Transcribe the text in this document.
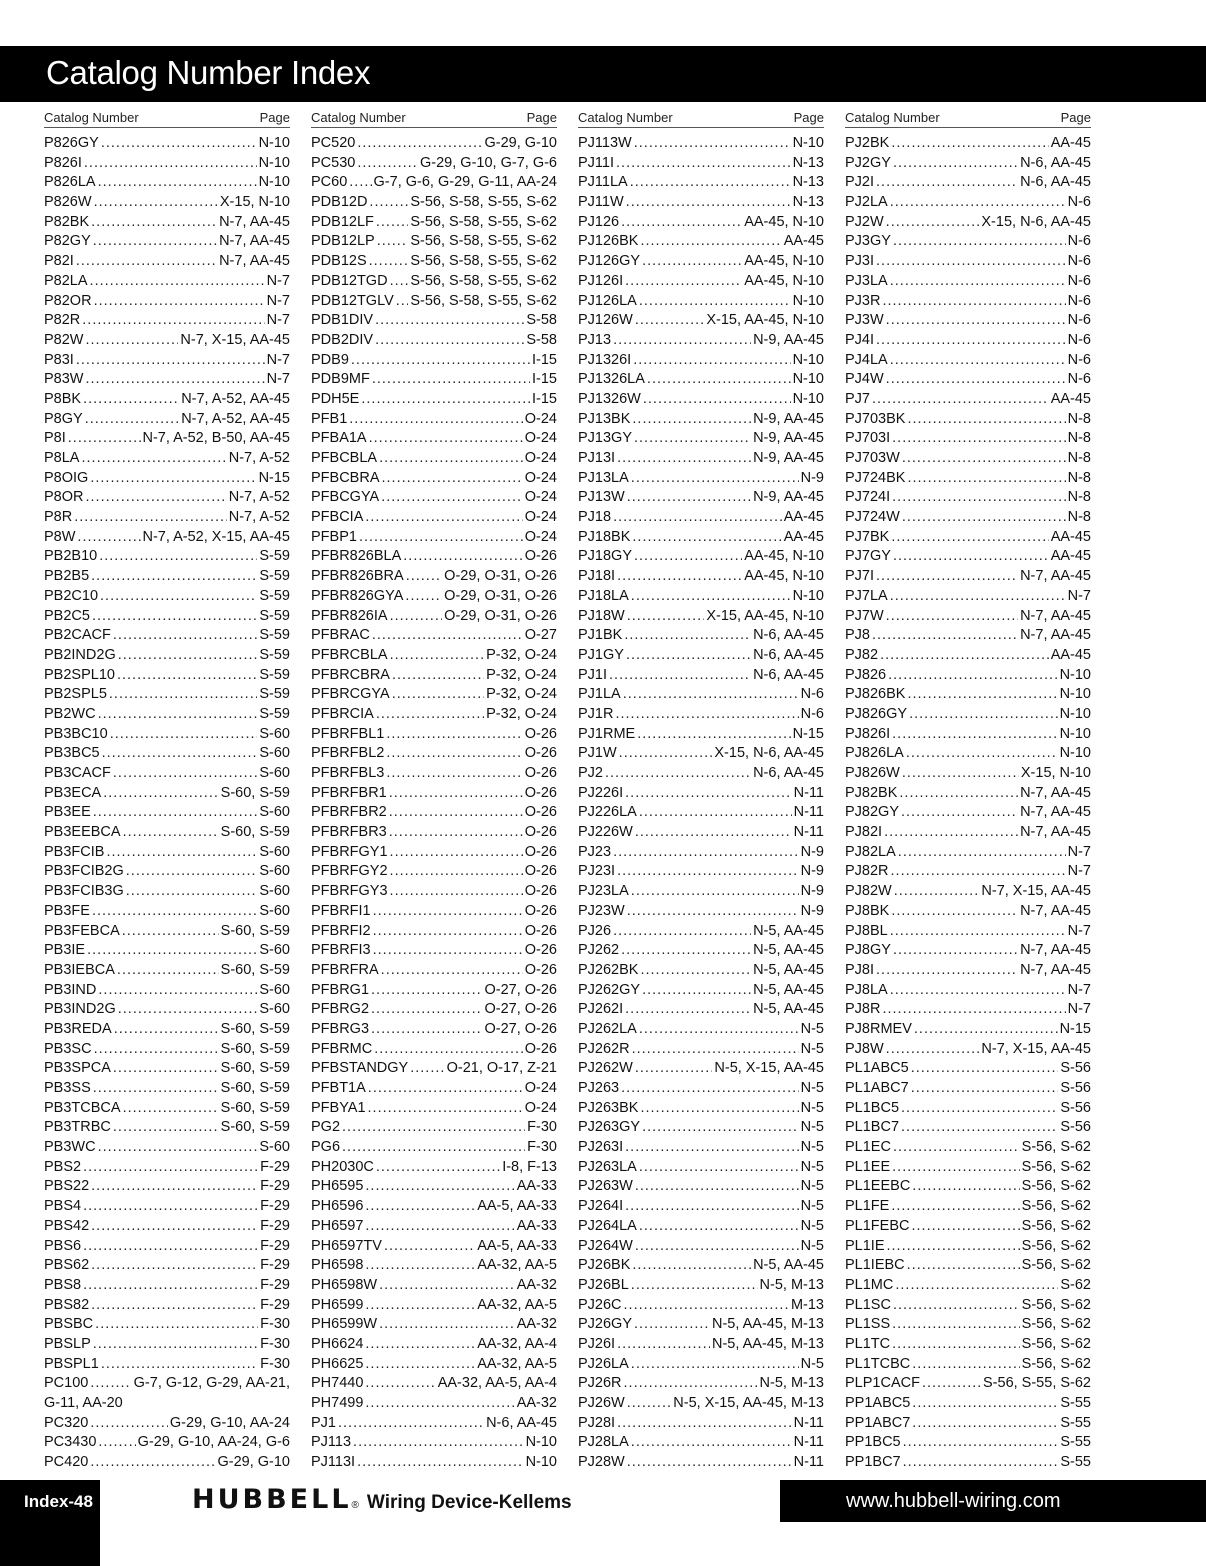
Catalog Number Index
Catalog Number	Page
P826GY .....	N-10
P826I .....	N-10
P826LA .....	N-10
P826W .....	X-15, N-10
P82BK .....	N-7, AA-45
P82GY .....	N-7, AA-45
P82I .....	N-7, AA-45
P82LA .....	N-7
P82OR .....	N-7
P82R .....	N-7
P82W .....	N-7, X-15, AA-45
P83I .....	N-7
P83W .....	N-7
P8BK .....	N-7, A-52, AA-45
P8GY .....	N-7, A-52, AA-45
P8I .....	N-7, A-52, B-50, AA-45
P8LA .....	N-7, A-52
P8OIG .....	N-15
P8OR .....	N-7, A-52
P8R .....	N-7, A-52
P8W .....	N-7, A-52, X-15, AA-45
PB2B10 .....	S-59
PB2B5 .....	S-59
PB2C10 .....	S-59
PB2C5 .....	S-59
PB2CACF .....	S-59
PB2IND2G .....	S-59
PB2SPL10 .....	S-59
PB2SPL5 .....	S-59
PB2WC .....	S-59
PB3BC10 .....	S-60
PB3BC5 .....	S-60
PB3CACF .....	S-60
PB3ECA .....	S-60, S-59
PB3EE .....	S-60
PB3EEBCA .....	S-60, S-59
PB3FCIB .....	S-60
PB3FCIB2G .....	S-60
PB3FCIB3G .....	S-60
PB3FE .....	S-60
PB3FEBCA .....	S-60, S-59
PB3IE .....	S-60
PB3IEBCA .....	S-60, S-59
PB3IND .....	S-60
PB3IND2G .....	S-60
PB3REDA .....	S-60, S-59
PB3SC .....	S-60, S-59
PB3SPCA .....	S-60, S-59
PB3SS .....	S-60, S-59
PB3TCBCA .....	S-60, S-59
PB3TRBC .....	S-60, S-59
PB3WC .....	S-60
PBS2 .....	F-29
PBS22 .....	F-29
PBS4 .....	F-29
PBS42 .....	F-29
PBS6 .....	F-29
PBS62 .....	F-29
PBS8 .....	F-29
PBS82 .....	F-29
PBSBC .....	F-30
PBSLP .....	F-30
PBSPL1 .....	F-30
PC100 .....	G-7, G-12, G-29, AA-21,
G-11, AA-20
PC320 .....	G-29, G-10, AA-24
PC3430 .....	G-29, G-10, AA-24, G-6
PC420 .....	G-29, G-10
Catalog Number	Page
PC520 .....	G-29, G-10
PC530 .....	G-29, G-10, G-7, G-6
PC60 ..... G-7, G-6, G-29, G-11, AA-24
PDB12D .....	S-56, S-58, S-55, S-62
PDB12LF .....	S-56, S-58, S-55, S-62
PDB12LP ..... S-56, S-58, S-55, S-62
PDB12S .....	S-56, S-58, S-55, S-62
PDB12TGD ..... S-56, S-58, S-55, S-62
PDB12TGLV ..... S-56, S-58, S-55, S-62
PDB1DIV .....	S-58
PDB2DIV .....	S-58
PDB9 .....	I-15
PDB9MF .....	I-15
PDH5E .....	I-15
PFB1 .....	O-24
PFBA1A .....	O-24
PFBCBLA .....	O-24
PFBCBRA .....	O-24
PFBCGYA .....	O-24
PFBCIA .....	O-24
PFBP1 .....	O-24
PFBR826BLA .....	O-26
PFBR826BRA .....	O-29, O-31, O-26
PFBR826GYA .....	O-29, O-31, O-26
PFBR826IA .....	O-29, O-31, O-26
PFBRAC .....	O-27
PFBRCBLA .....	P-32, O-24
PFBRCBRA .....	P-32, O-24
PFBRCGYA .....	P-32, O-24
PFBRCIA .....	P-32, O-24
PFBRFBL1 .....	O-26
PFBRFBL2 .....	O-26
PFBRFBL3 .....	O-26
PFBRFBR1 .....	O-26
PFBRFBR2 .....	O-26
PFBRFBR3 .....	O-26
PFBRFGY1 .....	O-26
PFBRFGY2 .....	O-26
PFBRFGY3 .....	O-26
PFBRFI1 .....	O-26
PFBRFI2 .....	O-26
PFBRFI3 .....	O-26
PFBRFRA .....	O-26
PFBRG1 .....	O-27, O-26
PFBRG2 .....	O-27, O-26
PFBRG3 .....	O-27, O-26
PFBRMC .....	O-26
PFBSTANDGY .....	O-21, O-17, Z-21
PFBT1A .....	O-24
PFBYA1 .....	O-24
PG2 .....	F-30
PG6 .....	F-30
PH2030C .....	I-8, F-13
PH6595 .....	AA-33
PH6596 .....	AA-5, AA-33
PH6597 .....	AA-33
PH6597TV .....	AA-5, AA-33
PH6598 .....	AA-32, AA-5
PH6598W .....	AA-32
PH6599 .....	AA-32, AA-5
PH6599W .....	AA-32
PH6624 .....	AA-32, AA-4
PH6625 .....	AA-32, AA-5
PH7440 .....	AA-32, AA-5, AA-4
PH7499 .....	AA-32
PJ1 .....	N-6, AA-45
PJ113 .....	N-10
PJ113I .....	N-10
Catalog Number	Page
PJ113W .....	N-10
PJ11I .....	N-13
PJ11LA .....	N-13
PJ11W .....	N-13
PJ126 .....	AA-45, N-10
PJ126BK .....	AA-45
PJ126GY .....	AA-45, N-10
PJ126I .....	AA-45, N-10
PJ126LA .....	N-10
PJ126W .....	X-15, AA-45, N-10
PJ13 .....	N-9, AA-45
PJ1326I .....	N-10
PJ1326LA .....	N-10
PJ1326W .....	N-10
PJ13BK .....	N-9, AA-45
PJ13GY .....	N-9, AA-45
PJ13I .....	N-9, AA-45
PJ13LA .....	N-9
PJ13W .....	N-9, AA-45
PJ18 .....	AA-45
PJ18BK .....	AA-45
PJ18GY .....	AA-45, N-10
PJ18I .....	AA-45, N-10
PJ18LA .....	N-10
PJ18W .....	X-15, AA-45, N-10
PJ1BK .....	N-6, AA-45
PJ1GY .....	N-6, AA-45
PJ1I .....	N-6, AA-45
PJ1LA .....	N-6
PJ1R .....	N-6
PJ1RME .....	N-15
PJ1W .....	X-15, N-6, AA-45
PJ2 .....	N-6, AA-45
PJ226I .....	N-11
PJ226LA .....	N-11
PJ226W .....	N-11
PJ23 .....	N-9
PJ23I .....	N-9
PJ23LA .....	N-9
PJ23W .....	N-9
PJ26 .....	N-5, AA-45
PJ262 .....	N-5, AA-45
PJ262BK .....	N-5, AA-45
PJ262GY .....	N-5, AA-45
PJ262I .....	N-5, AA-45
PJ262LA .....	N-5
PJ262R .....	N-5
PJ262W .....	N-5, X-15, AA-45
PJ263 .....	N-5
PJ263BK .....	N-5
PJ263GY .....	N-5
PJ263I .....	N-5
PJ263LA .....	N-5
PJ263W .....	N-5
PJ264I .....	N-5
PJ264LA .....	N-5
PJ264W .....	N-5
PJ26BK .....	N-5, AA-45
PJ26BL .....	N-5, M-13
PJ26C .....	M-13
PJ26GY .....	N-5, AA-45, M-13
PJ26I .....	N-5, AA-45, M-13
PJ26LA .....	N-5
PJ26R .....	N-5, M-13
PJ26W .....	N-5, X-15, AA-45, M-13
PJ28I .....	N-11
PJ28LA .....	N-11
PJ28W .....	N-11
Catalog Number	Page
PJ2BK .....	AA-45
PJ2GY .....	N-6, AA-45
PJ2I .....	N-6, AA-45
PJ2LA .....	N-6
PJ2W .....	X-15, N-6, AA-45
PJ3GY .....	N-6
PJ3I .....	N-6
PJ3LA .....	N-6
PJ3R .....	N-6
PJ3W .....	N-6
PJ4I .....	N-6
PJ4LA .....	N-6
PJ4W .....	N-6
PJ7 .....	AA-45
PJ703BK .....	N-8
PJ703I .....	N-8
PJ703W .....	N-8
PJ724BK .....	N-8
PJ724I .....	N-8
PJ724W .....	N-8
PJ7BK .....	AA-45
PJ7GY .....	AA-45
PJ7I .....	N-7, AA-45
PJ7LA .....	N-7
PJ7W .....	N-7, AA-45
PJ8 .....	N-7, AA-45
PJ82 .....	AA-45
PJ826 .....	N-10
PJ826BK .....	N-10
PJ826GY .....	N-10
PJ826I .....	N-10
PJ826LA .....	N-10
PJ826W .....	X-15, N-10
PJ82BK .....	N-7, AA-45
PJ82GY .....	N-7, AA-45
PJ82I .....	N-7, AA-45
PJ82LA .....	N-7
PJ82R .....	N-7
PJ82W .....	N-7, X-15, AA-45
PJ8BK .....	N-7, AA-45
PJ8BL .....	N-7
PJ8GY .....	N-7, AA-45
PJ8I .....	N-7, AA-45
PJ8LA .....	N-7
PJ8R .....	N-7
PJ8RMEV .....	N-15
PJ8W .....	N-7, X-15, AA-45
PL1ABC5 .....	S-56
PL1ABC7 .....	S-56
PL1BC5 .....	S-56
PL1BC7 .....	S-56
PL1EC .....	S-56, S-62
PL1EE .....	S-56, S-62
PL1EEBC .....	S-56, S-62
PL1FE .....	S-56, S-62
PL1FEBC .....	S-56, S-62
PL1IE .....	S-56, S-62
PL1IEBC .....	S-56, S-62
PL1MC .....	S-62
PL1SC .....	S-56, S-62
PL1SS .....	S-56, S-62
PL1TC .....	S-56, S-62
PL1TCBC .....	S-56, S-62
PLP1CACF .....	S-56, S-55, S-62
PP1ABC5 .....	S-55
PP1ABC7 .....	S-55
PP1BC5 .....	S-55
PP1BC7 .....	S-55
Index-48	HUBBELL ® Wiring Device-Kellems	www.hubbell-wiring.com
